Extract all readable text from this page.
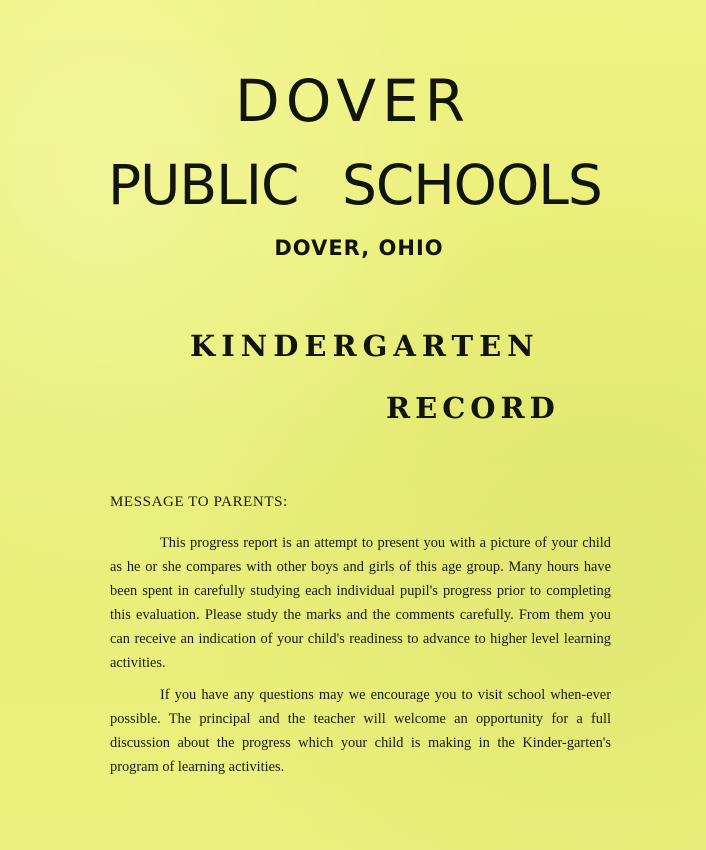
DOVER
PUBLIC SCHOOLS
DOVER, OHIO
KINDERGARTEN
RECORD
MESSAGE TO PARENTS:

This progress report is an attempt to present you with a picture of your child as he or she compares with other boys and girls of this age group. Many hours have been spent in carefully studying each individual pupil's progress prior to completing this evaluation. Please study the marks and the comments carefully. From them you can receive an indication of your child's readiness to advance to higher level learning activities.

If you have any questions may we encourage you to visit school when-ever possible. The principal and the teacher will welcome an opportunity for a full discussion about the progress which your child is making in the Kinder-garten's program of learning activities.
